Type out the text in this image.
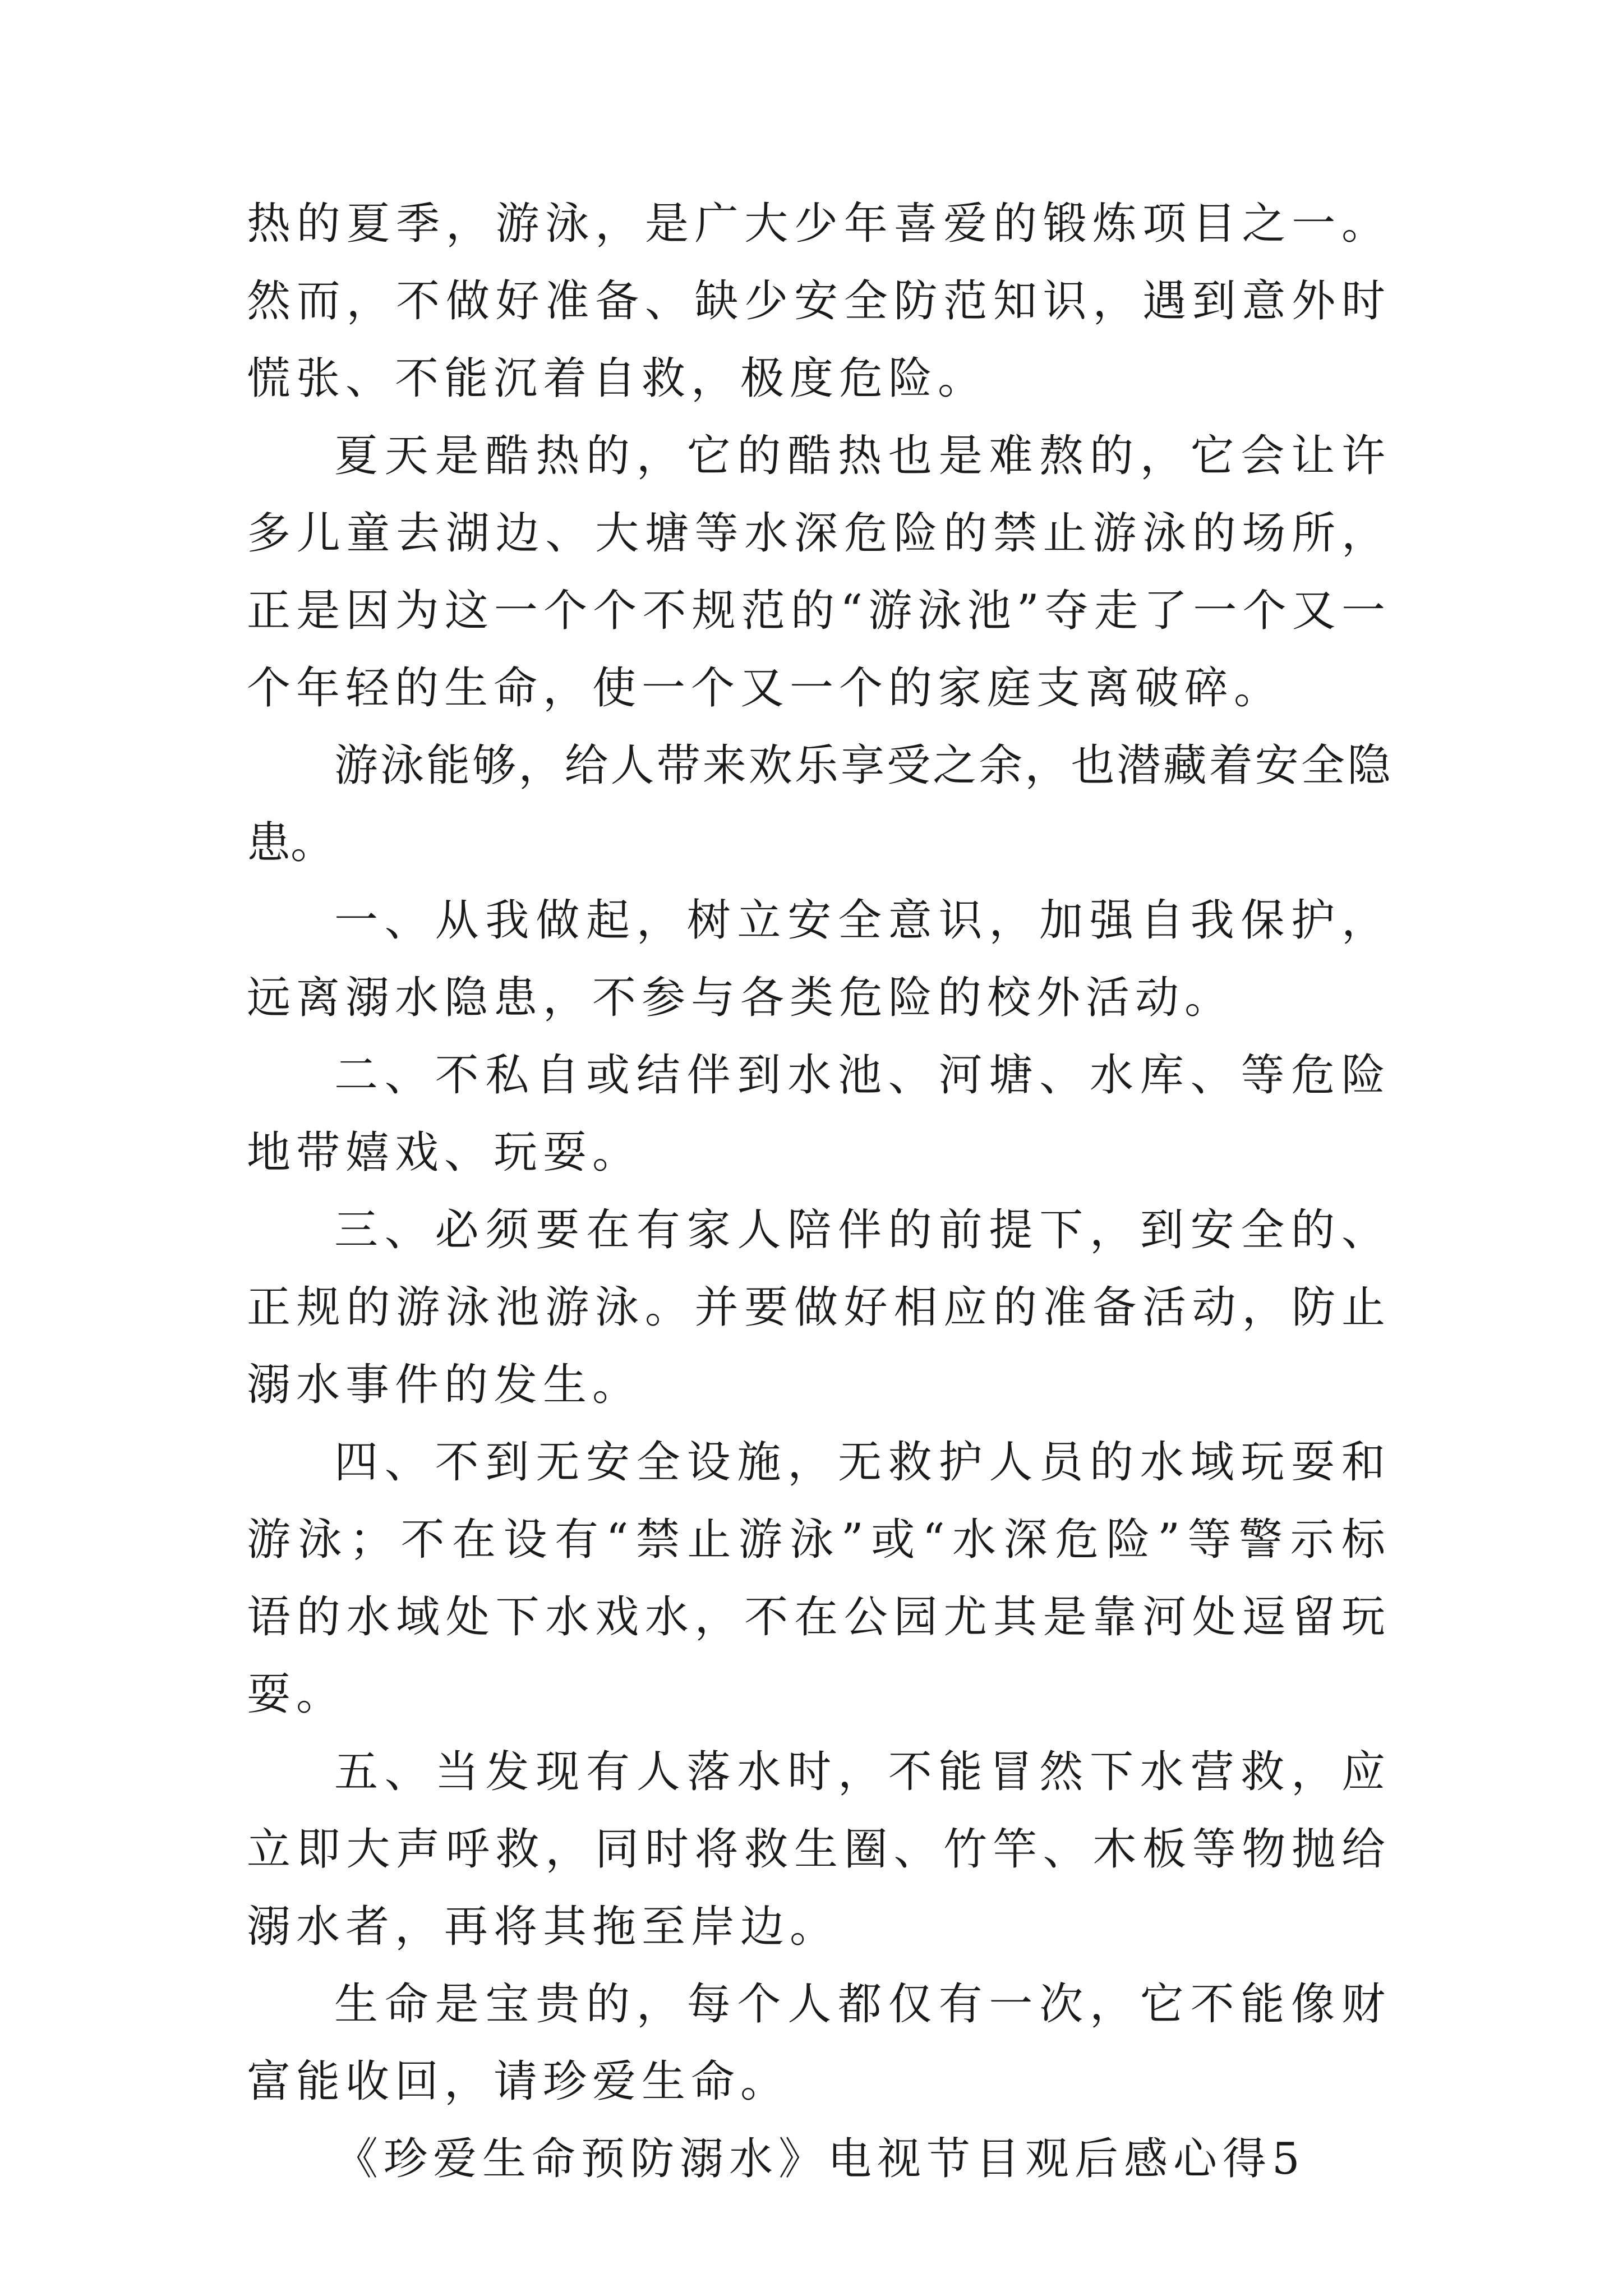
热的夏季，游泳，是广大少年喜爱的锻炼项目之一。然而，不做好准备、缺少安全防范知识，遇到意外时慌张、不能沉着自救，极度危险。

夏天是酷热的，它的酷热也是难熬的，它会让许多儿童去湖边、大塘等水深危险的禁止游泳的场所，正是因为这一个个不规范的“游泳池”夺走了一个又一个年轻的生命，使一个又一个的家庭支离破碎。

游泳能够，给人带来欢乐享受之余，也潜藏着安全隐患。

一、从我做起，树立安全意识，加强自我保护，远离溺水隐患，不参与各类危险的校外活动。

二、不私自或结伴到水池、河塘、水库、等危险地带嬉戏、玩耍。

三、必须要在有家人陪伴的前提下，到安全的、正规的游泳池游泳。并要做好相应的准备活动，防止溺水事件的发生。

四、不到无安全设施，无救护人员的水域玩耍和游泳；不在设有“禁止游泳”或“水深危险”等警示标语的水域处下水戏水，不在公园尤其是靠河处逗留玩耍。

五、当发现有人落水时，不能冒然下水营救，应立即大声呼救，同时将救生圈、竹竿、木板等物抛给溺水者，再将其拖至岸边。

生命是宝贵的，每个人都仅有一次，它不能像财富能收回，请珍爱生命。

《珍爱生命预防溺水》电视节目观后感心得5
